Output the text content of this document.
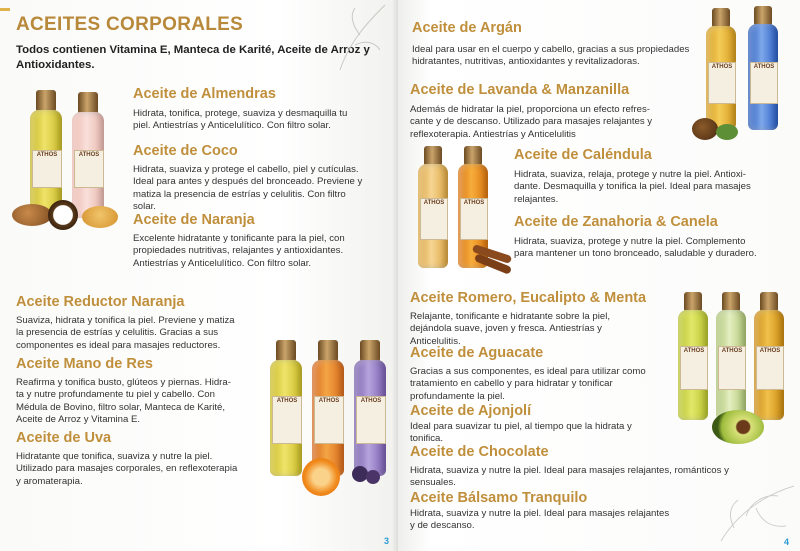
ACEITES CORPORALES
Todos contienen Vitamina E, Manteca de Karité, Aceite de Arroz y Antioxidantes.
ATHOS	ATHOS
ATHOS	ATHOS	ATHOS
Aceite de Almendras

Hidrata, tonifica, protege, suaviza y desmaquilla tu
piel. Antiestrías y Anticelulítico. Con filtro solar.

Aceite de Coco

Hidrata, suaviza y protege el cabello, piel y cutículas.
Ideal para antes y después del bronceado. Previene y
matiza la presencia de estrías y celulitis. Con filtro
solar.

Aceite de Naranja

Excelente hidratante y tonificante para la piel, con
propiedades nutritivas, relajantes y antioxidantes.
Antiestrías y Anticelulítico. Con filtro solar.

Aceite Reductor Naranja

Suaviza, hidrata y tonifica la piel. Previene y matiza
la presencia de estrías y celulitis. Gracias a sus
componentes es ideal para masajes reductores.

Aceite Mano de Res

Reafirma y tonifica busto, glúteos y piernas. Hidra-
ta y nutre profundamente tu piel y cabello. Con
Médula de Bovino, filtro solar, Manteca de Karité,
Aceite de Arroz y Vitamina E.

Aceite de Uva

Hidratante que tonifica, suaviza y nutre la piel.
Utilizado para masajes corporales, en reflexoterapia
y aromaterapia.

3
ATHOS	ATHOS
ATHOS	ATHOS
ATHOS	ATHOS	ATHOS
Aceite de Argán

Ideal para usar en el cuerpo y cabello, gracias a sus propiedades
hidratantes, nutritivas, antioxidantes y revitalizadoras.

Aceite de Lavanda & Manzanilla

Además de hidratar la piel, proporciona un efecto refres-
cante y de descanso. Utilizado para masajes relajantes y
reflexoterapia. Antiestrías y Anticelulitis

Aceite de Caléndula

Hidrata, suaviza, relaja, protege y nutre la piel. Antioxi-
dante. Desmaquilla y tonifica la piel. Ideal para masajes
relajantes.

Aceite de Zanahoria & Canela

Hidrata, suaviza, protege y nutre la piel. Complemento
para mantener un tono bronceado, saludable y duradero.

Aceite Romero, Eucalipto & Menta

Relajante, tonificante e hidratante sobre la piel,
dejándola suave, joven y fresca. Antiestrías y
Anticelulitis.

Aceite de Aguacate

Gracias a sus componentes, es ideal para utilizar como
tratamiento en cabello y para hidratar y tonificar
profundamente la piel.

Aceite de Ajonjolí

Ideal para suavizar tu piel, al tiempo que la hidrata y
tonifica.

Aceite de Chocolate

Hidrata, suaviza y nutre la piel. Ideal para masajes relajantes, románticos y
sensuales.

Aceite Bálsamo Tranquilo

Hidrata, suaviza y nutre la piel. Ideal para masajes relajantes
y de descanso.

4
